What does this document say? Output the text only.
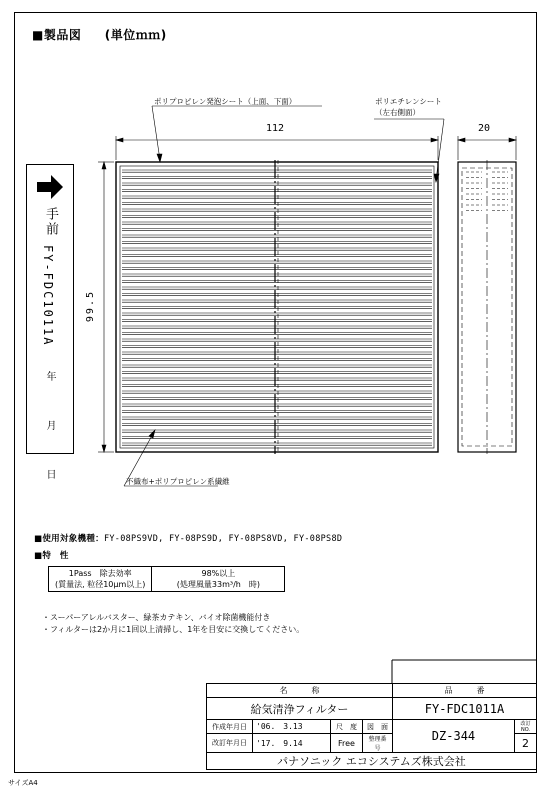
■製品図 (単位ｍｍ)
112	20
99.5
ポリプロピレン発泡シート（上面、下面）	ポリエチレンシート
（左右側面）
不織布+ポリプロピレン系繊維
手前
FY-FDC1011A
年 月 日
■使用対象機種：FY-08PS9VD, FY-08PS9D, FY-08PS8VD, FY-08PS8D
■特　性
1Pass　除去効率
(質量法, 粒径10μm以上)

98%以上
(処理風量33m³/h　時)
・スーパーアレルバスター、緑茶カテキン、バイオ除菌機能付き
・フィルターは2か月に1回以上清掃し、1年を目安に交換してください。
名　　　称				品　　　番	
給気清浄フィルター				FY-FDC1011A	
作成年月日	'06.　3.13	尺　度	図　面	DZ-344	改訂NO.
改訂年月日	'17.　9.14	Free	整理番号		2
パナソニック エコシステムズ株式会社					
サイズA4
